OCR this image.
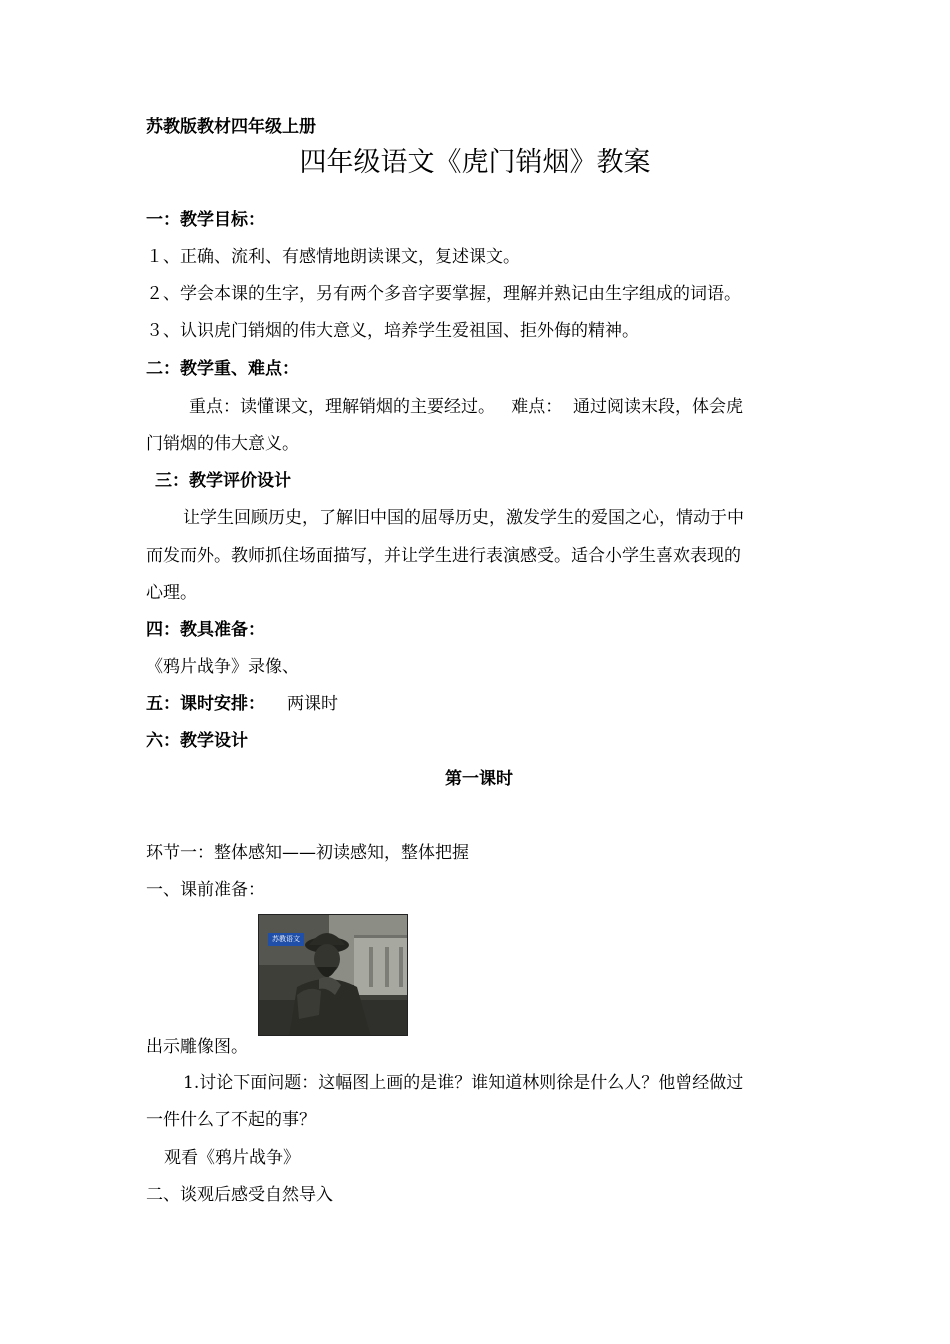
苏教版教材四年级上册
四年级语文《虎门销烟》教案
一：教学目标：
１、正确、流利、有感情地朗读课文，复述课文。
２、学会本课的生字，另有两个多音字要掌握，理解并熟记由生字组成的词语。
３、认识虎门销烟的伟大意义，培养学生爱祖国、拒外侮的精神。
二：教学重、难点：
重点：读懂课文，理解销烟的主要经过。   难点：  通过阅读末段，体会虎
门销烟的伟大意义。
三：教学评价设计
让学生回顾历史，了解旧中国的屈辱历史，激发学生的爱国之心，情动于中
而发而外。教师抓住场面描写，并让学生进行表演感受。适合小学生喜欢表现的
心理。
四：教具准备：
《鸦片战争》录像、
五：课时安排： 两课时
六：教学设计
第一课时
环节一：整体感知——初读感知，整体把握
一、课前准备：
苏教语文
出示雕像图。
1.讨论下面问题：这幅图上画的是谁？谁知道林则徐是什么人？他曾经做过
一件什么了不起的事？
观看《鸦片战争》
二、谈观后感受自然导入
